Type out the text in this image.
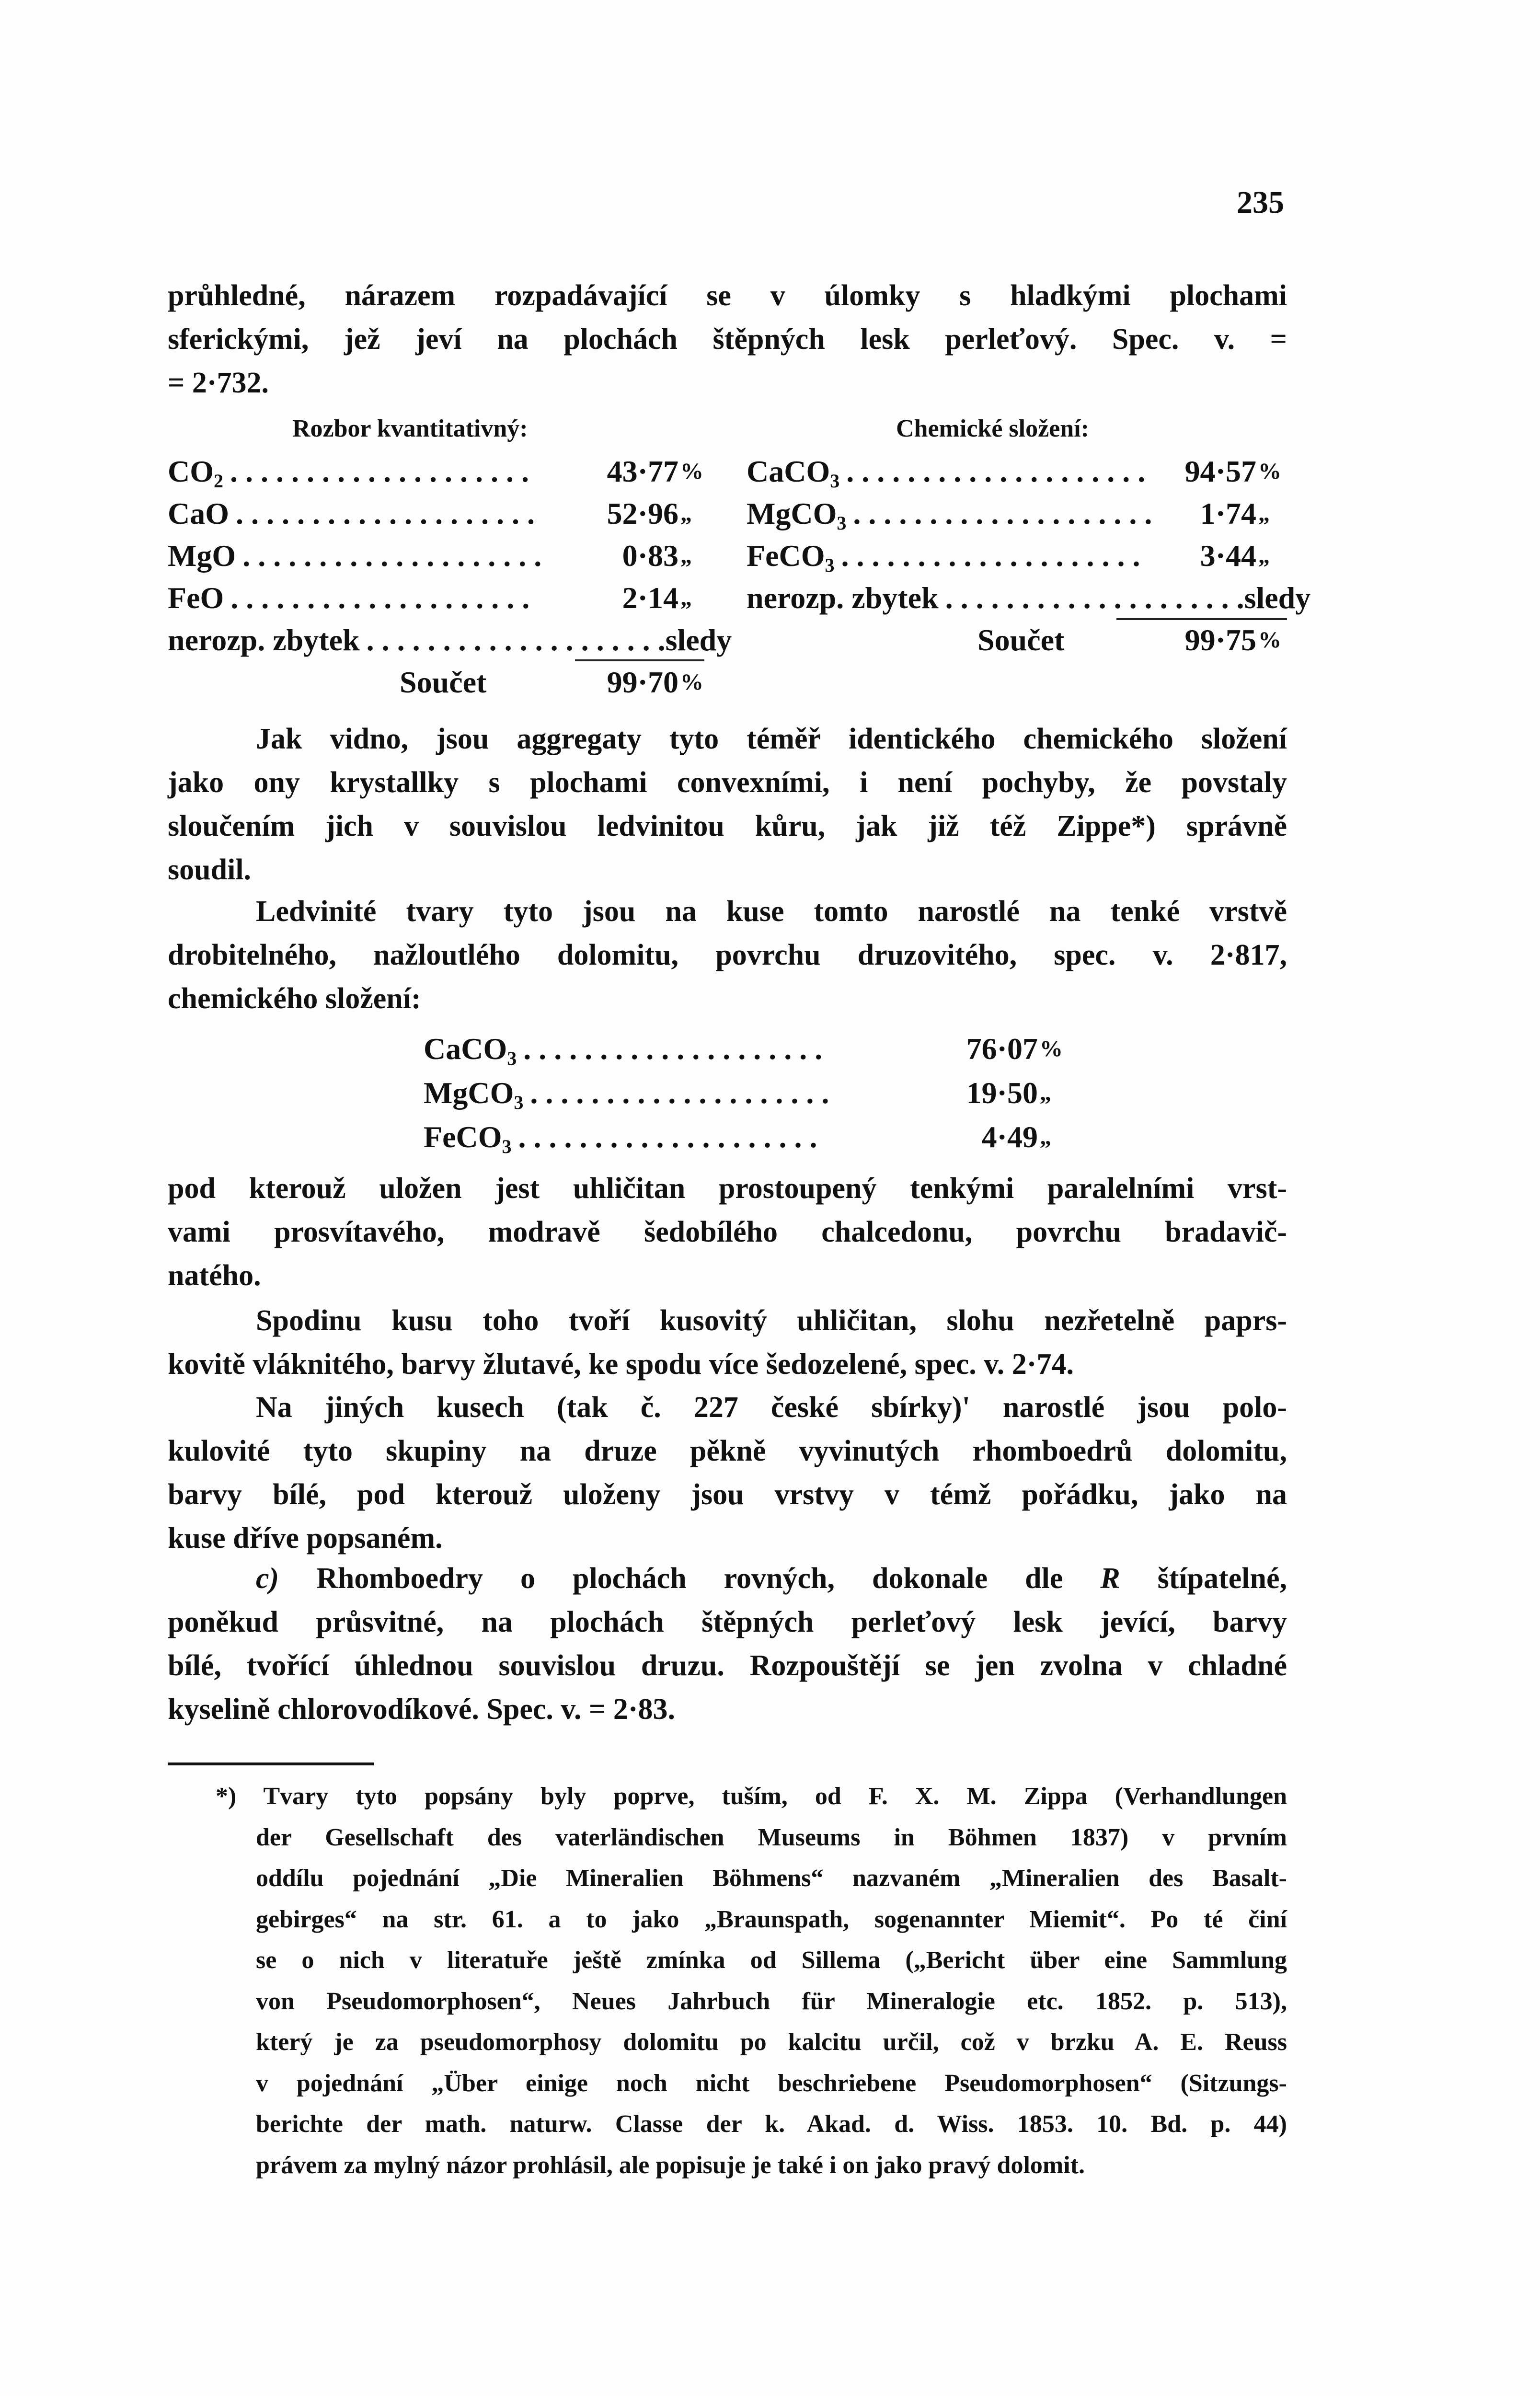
235
průhledné, nárazem rozpadávající se v úlomky s hladkými plochami
sferickými, jež jeví na plochách štěpných lesk perleťový. Spec. v. =
= 2·732.
Rozbor kvantitativný:	Chemické složení:
$CO_2$ . . . . . . . . . . . . . . . . . . . .	43·77 %
CaO . . . . . . . . . . . . . . . . . . . .	52·96 „
MgO . . . . . . . . . . . . . . . . . . . .	0·83 „
FeO . . . . . . . . . . . . . . . . . . . .	2·14 „
nerozp. zbytek . . . . . . . . . . . . . . . . . . . . sledy
Součet	99·70 %
CaCO$_3$ . . . . . . . . . . . . . . . . . . . .	94·57 %
MgCO$_3$ . . . . . . . . . . . . . . . . . . . .	1·74 „
FeCO$_3$ . . . . . . . . . . . . . . . . . . . .	3·44 „
nerozp. zbytek . . . . . . . . . . . . . . . . . . . . sledy
Součet	99·75 %
Jak vidno, jsou aggregaty tyto téměř identického chemického složení
jako ony krystallky s plochami convexními, i není pochyby, že povstaly
sloučením jich v souvislou ledvinitou kůru, jak již též Zippe*) správně
soudil.
Ledvinité tvary tyto jsou na kuse tomto narostlé na tenké vrstvě
drobitelného, nažloutlého dolomitu, povrchu druzovitého, spec. v. 2·817,
chemického složení:
CaCO$_3$ . . . . . . . . . . . . . . . . . . . .	76·07 %
MgCO$_3$ . . . . . . . . . . . . . . . . . . . .	19·50 „
FeCO$_3$ . . . . . . . . . . . . . . . . . . . .	4·49 „
pod kterouž uložen jest uhličitan prostoupený tenkými paralelními vrst-
vami prosvítavého, modravě šedobílého chalcedonu, povrchu bradavič-
natého.
Spodinu kusu toho tvoří kusovitý uhličitan, slohu nezřetelně paprs-
kovitě vláknitého, barvy žlutavé, ke spodu více šedozelené, spec. v. 2·74.
Na jiných kusech (tak č. 227 české sbírky)' narostlé jsou polo-
kulovité tyto skupiny na druze pěkně vyvinutých rhomboedrů dolomitu,
barvy bílé, pod kterouž uloženy jsou vrstvy v témž pořádku, jako na
kuse dříve popsaném.
c) Rhomboedry o plochách rovných, dokonale dle R štípatelné,
poněkud průsvitné, na plochách štěpných perleťový lesk jevící, barvy
bílé, tvořící úhlednou souvislou druzu. Rozpouštějí se jen zvolna v chladné
kyselině chlorovodíkové. Spec. v. = 2·83.
*) Tvary tyto popsány byly poprve, tuším, od F. X. M. Zippa (Verhandlungen
der Gesellschaft des vaterländischen Museums in Böhmen 1837) v prvním
oddílu pojednání „Die Mineralien Böhmens“ nazvaném „Mineralien des Basalt-
gebirges“ na str. 61. a to jako „Braunspath, sogenannter Miemit“. Po té činí
se o nich v literatuře ještě zmínka od Sillema („Bericht über eine Sammlung
von Pseudomorphosen“, Neues Jahrbuch für Mineralogie etc. 1852. p. 513),
který je za pseudomorphosy dolomitu po kalcitu určil, což v brzku A. E. Reuss
v pojednání „Über einige noch nicht beschriebene Pseudomorphosen“ (Sitzungs-
berichte der math. naturw. Classe der k. Akad. d. Wiss. 1853. 10. Bd. p. 44)
právem za mylný názor prohlásil, ale popisuje je také i on jako pravý dolomit.
